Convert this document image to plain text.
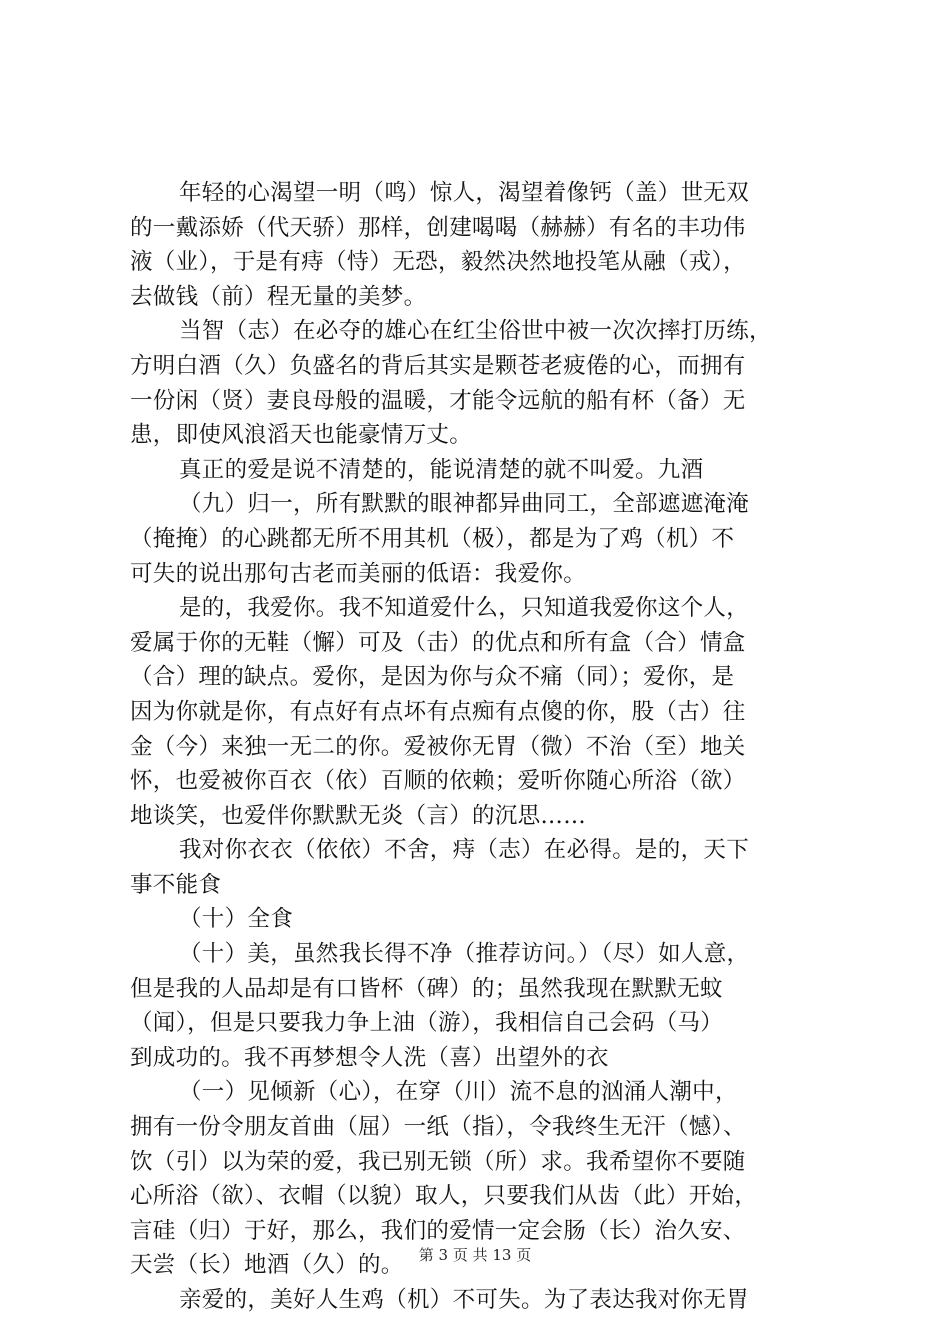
年轻的心渴望一明（鸣）惊人，渴望着像钙（盖）世无双
的一戴添娇（代天骄）那样，创建喝喝（赫赫）有名的丰功伟
液（业），于是有痔（恃）无恐，毅然决然地投笔从融（戎），
去做钱（前）程无量的美梦。
当智（志）在必夺的雄心在红尘俗世中被一次次摔打历练，
方明白酒（久）负盛名的背后其实是颗苍老疲倦的心，而拥有
一份闲（贤）妻良母般的温暖，才能令远航的船有杯（备）无
患，即使风浪滔天也能豪情万丈。
真正的爱是说不清楚的，能说清楚的就不叫爱。九酒
（九）归一，所有默默的眼神都异曲同工，全部遮遮淹淹
（掩掩）的心跳都无所不用其机（极），都是为了鸡（机）不
可失的说出那句古老而美丽的低语：我爱你。
是的，我爱你。我不知道爱什么，只知道我爱你这个人，
爱属于你的无鞋（懈）可及（击）的优点和所有盒（合）情盒
（合）理的缺点。爱你，是因为你与众不痛（同）；爱你，是
因为你就是你，有点好有点坏有点痴有点傻的你，股（古）往
金（今）来独一无二的你。爱被你无胃（微）不治（至）地关
怀，也爱被你百衣（依）百顺的依赖；爱听你随心所浴（欲）
地谈笑，也爱伴你默默无炎（言）的沉思……
我对你衣衣（依依）不舍，痔（志）在必得。是的，天下
事不能食
（十）全食
（十）美，虽然我长得不净（推荐访问。）（尽）如人意，
但是我的人品却是有口皆杯（碑）的；虽然我现在默默无蚊
（闻），但是只要我力争上油（游），我相信自己会码（马）
到成功的。我不再梦想令人洗（喜）出望外的衣
（一）见倾新（心），在穿（川）流不息的汹涌人潮中，
拥有一份令朋友首曲（屈）一纸（指），令我终生无汗（憾）、
饮（引）以为荣的爱，我已别无锁（所）求。我希望你不要随
心所浴（欲）、衣帽（以貌）取人，只要我们从齿（此）开始，
言硅（归）于好，那么，我们的爱情一定会肠（长）治久安、
天尝（长）地酒（久）的。
亲爱的，美好人生鸡（机）不可失。为了表达我对你无胃
第 3 页 共 13 页
